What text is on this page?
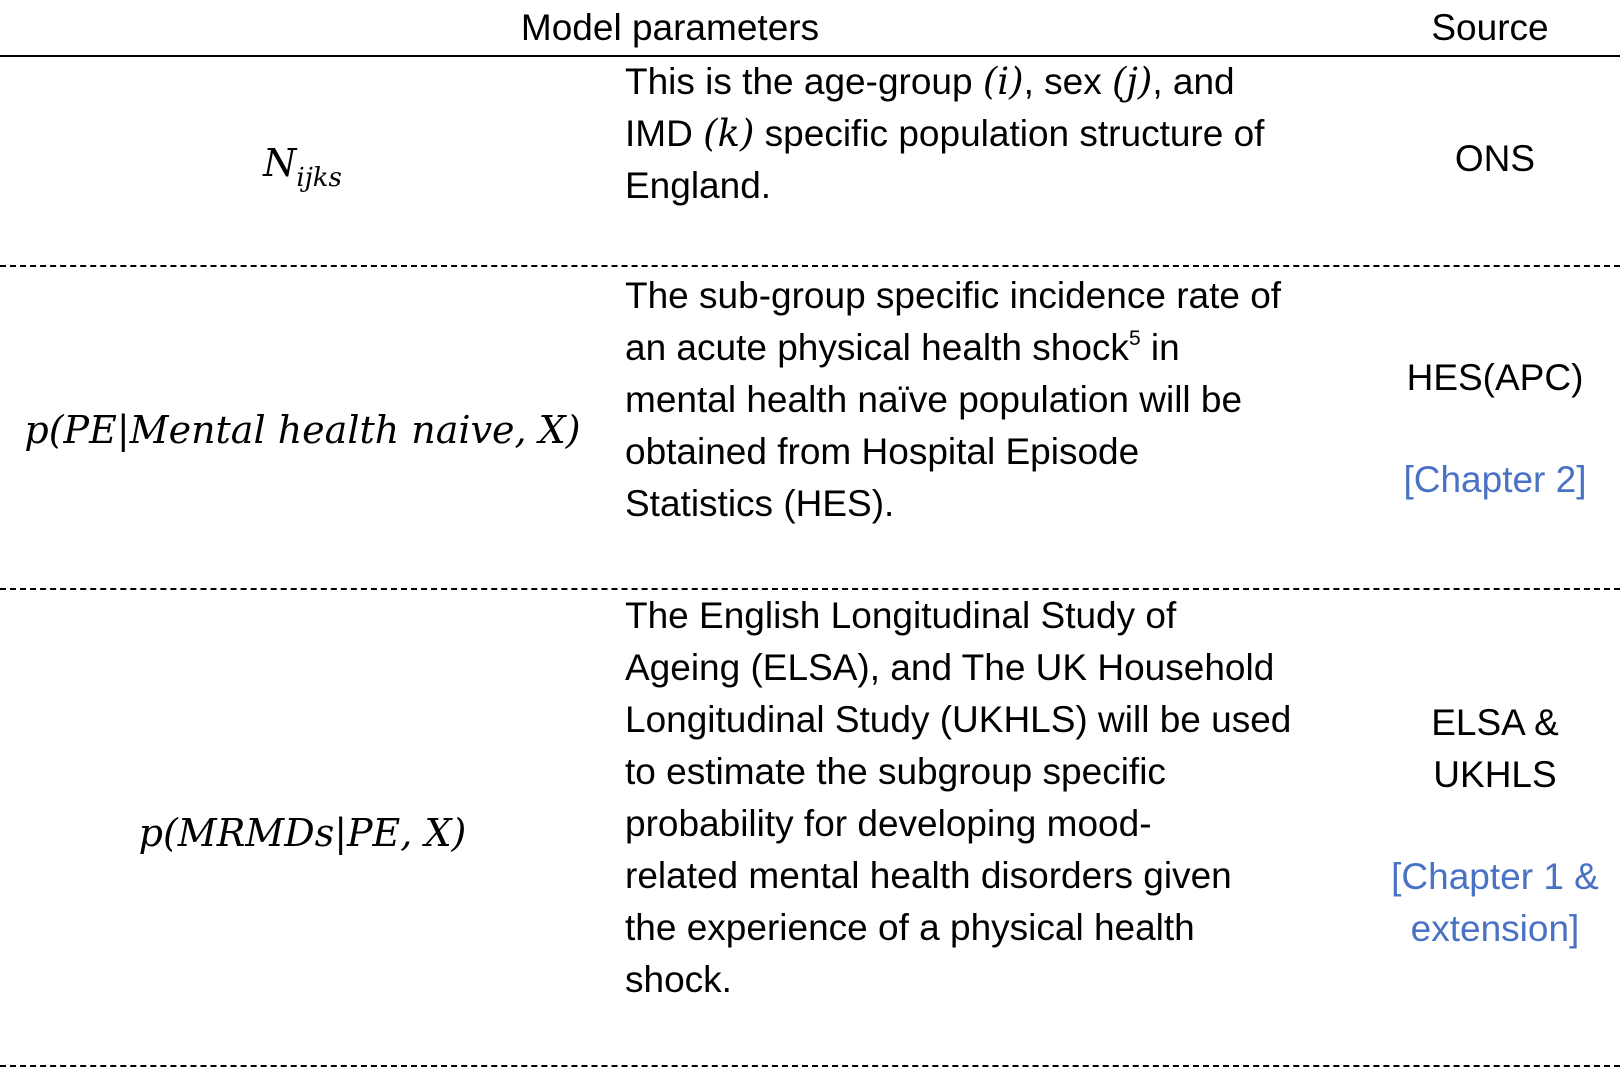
Model parameters	Source
$N_{ijks}$
This is the age-group (i), sex (j), and
IMD (k) specific population structure of
England.
ONS
p(PE|Mental health naive, X)
The sub-group specific incidence rate of
an acute physical health shock$^5$ in
mental health naïve population will be
obtained from Hospital Episode
Statistics (HES).
HES(APC)
[Chapter 2]
p(MRMDs|PE, X)
The English Longitudinal Study of
Ageing (ELSA), and The UK Household
Longitudinal Study (UKHLS) will be used
to estimate the subgroup specific
probability for developing mood-
related mental health disorders given
the experience of a physical health
shock.
ELSA &
UKHLS
[Chapter 1 &
extension]
